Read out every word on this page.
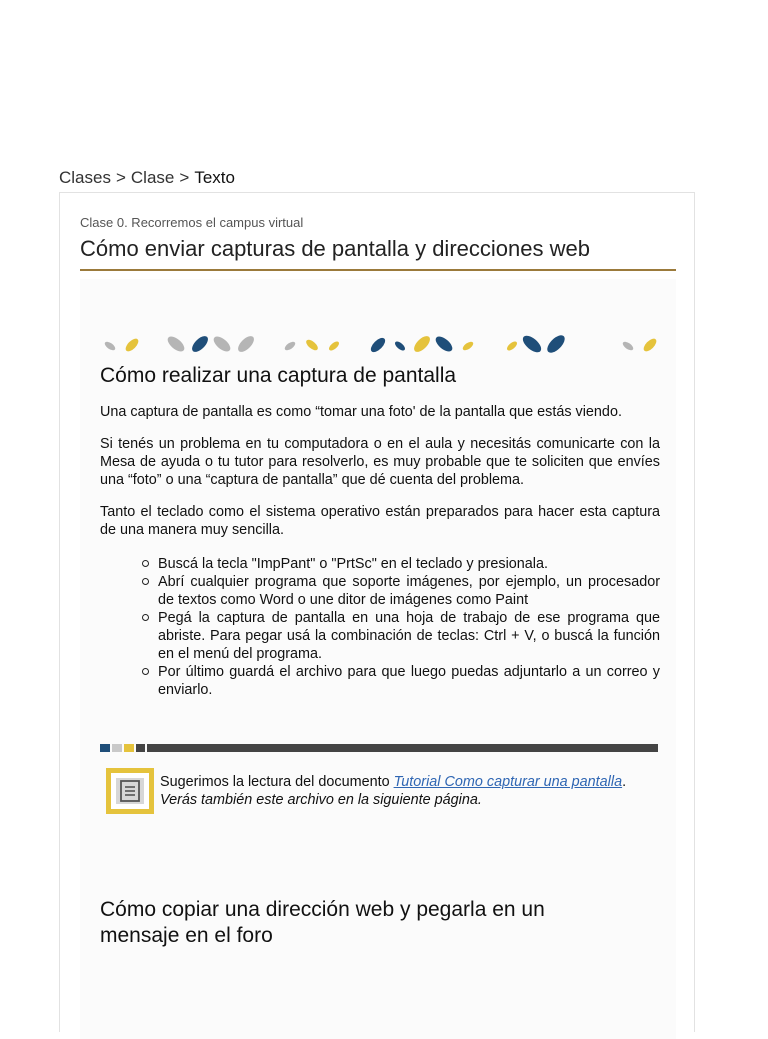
Clases > Clase > Texto
Clase 0. Recorremos el campus virtual
Cómo enviar capturas de pantalla y direcciones web
Cómo realizar una captura de pantalla

Una captura de pantalla es como “tomar una foto' de la pantalla que estás viendo.

Si tenés un problema en tu computadora o en el aula y necesitás comunicarte con la Mesa de ayuda o tu tutor para resolverlo, es muy probable que te soliciten que envíes una “foto” o una “captura de pantalla” que dé cuenta del problema.

Tanto el teclado como el sistema operativo están preparados para hacer esta captura de una manera muy sencilla.

Buscá la tecla "ImpPant" o "PrtSc" en el teclado y presionala.
Abrí cualquier programa que soporte imágenes, por ejemplo, un procesador de textos como Word o une ditor de imágenes como Paint
Pegá la captura de pantalla en una hoja de trabajo de ese programa que abriste. Para pegar usá la combinación de teclas: Ctrl + V, o buscá la función en el menú del programa.
Por último guardá el archivo para que luego puedas adjuntarlo a un correo y enviarlo.
Sugerimos la lectura del documento Tutorial Como capturar una pantalla.
Verás también este archivo en la siguiente página.
Cómo copiar una dirección web y pegarla en un mensaje en el foro
